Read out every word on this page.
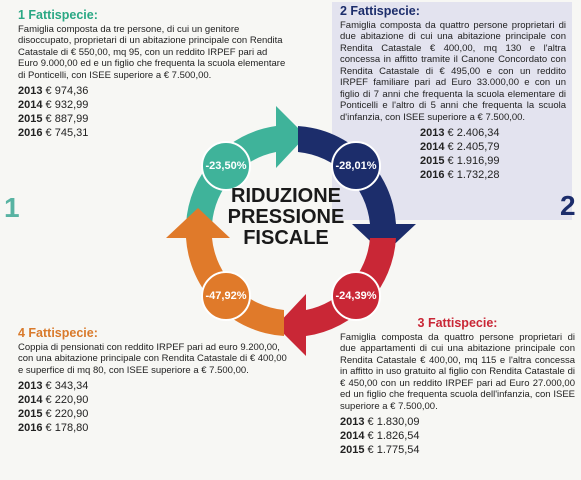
1 Fattispecie:

Famiglia composta da tre persone, di cui un genitore disoccupato, proprietari di un abitazione principale con Rendita Catastale di € 550,00, mq 95, con un reddito IRPEF pari ad Euro 9.000,00 ed e un figlio che frequenta la scuola elementare di Ponticelli, con ISEE superiore a € 7.500,00.

2013 € 974,36
2014 € 932,99
2015 € 887,99
2016 € 745,31
2 Fattispecie:

Famiglia composta da quattro persone proprietari di due abitazione di cui una abitazione principale con Rendita Catastale € 400,00, mq 130 e l'altra concessa in affitto tramite il Canone Concordato con Rendita Catastale di € 495,00 e con un reddito IRPEF familiare pari ad Euro 33.000,00 e con un figlio di 7 anni che frequenta la scuola elementare di Ponticelli e l'altro di 5 anni che frequenta la scuola d'infanzia, con ISEE superiore a € 7.500,00.

2013 € 2.406,34
2014 € 2.405,79
2015 € 1.916,99
2016 € 1.732,28
1	2
-23,50%	-28,01%
-24,39%
-47,92%
RIDUZIONE
PRESSIONE
FISCALE
3 Fattispecie:

Famiglia composta da quattro persone proprietari di due appartamenti di cui una abitazione principale con Rendita Catastale € 400,00, mq 115 e l'altra concessa in affitto in uso gratuito al figlio con Rendita Catastale di € 450,00 con un reddito IRPEF pari ad Euro 27.000,00 ed un figlio che frequenta scuola dell'infanzia, con ISEE superiore a € 7.500,00.

2013 € 1.830,09
2014 € 1.826,54
2015 € 1.775,54
4 Fattispecie:

Coppia di pensionati con reddito IRPEF pari ad euro 9.200,00, con una abitazione principale con Rendita Catastale di € 400,00 e superfice di mq 80, con ISEE superiore a € 7.500,00.

2013 € 343,34
2014 € 220,90
2015 € 220,90
2016 € 178,80
